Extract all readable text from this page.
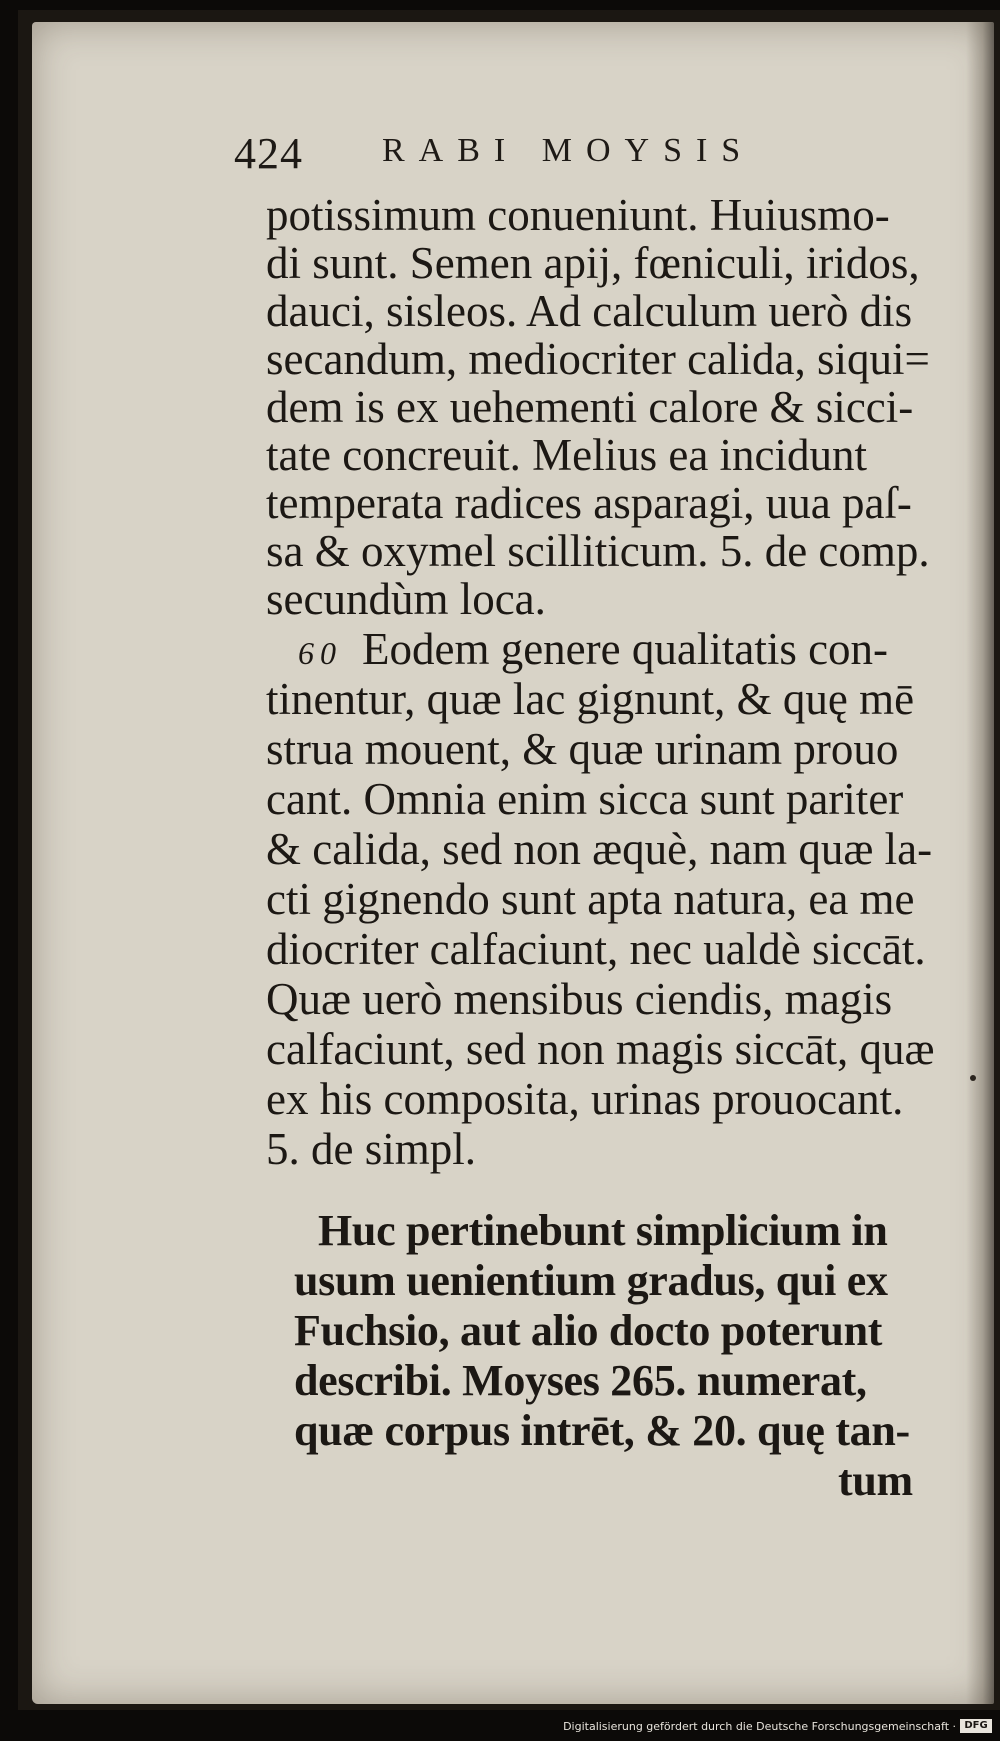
424 RABI MOYSIS
potissimum conueniunt. Huiusmo-
di sunt. Semen apij, fœniculi, iridos,
dauci, sisleos. Ad calculum uerò dis
secandum, mediocriter calida, siqui=
dem is ex uehementi calore & sicci-
tate concreuit. Melius ea incidunt
temperata radices asparagi, uua paſ-
sa & oxymel scilliticum. 5. de comp.
secundùm loca.
60 Eodem genere qualitatis con-
tinentur, quæ lac gignunt, & quę mē
strua mouent, & quæ urinam prouo
cant. Omnia enim sicca sunt pariter
& calida, sed non æquè, nam quæ la-
cti gignendo sunt apta natura, ea me
diocriter calfaciunt, nec ualdè siccāt.
Quæ uerò mensibus ciendis, magis
calfaciunt, sed non magis siccāt, quæ
ex his composita, urinas prouocant.
5. de simpl.
Huc pertinebunt simplicium in
usum uenientium gradus, qui ex
Fuchsio, aut alio docto poterunt
describi. Moyses 265. numerat,
quæ corpus intrēt, & 20. quę tan-
tum
Digitalisierung gefördert durch die Deutsche Forschungsgemeinschaft · DFG
